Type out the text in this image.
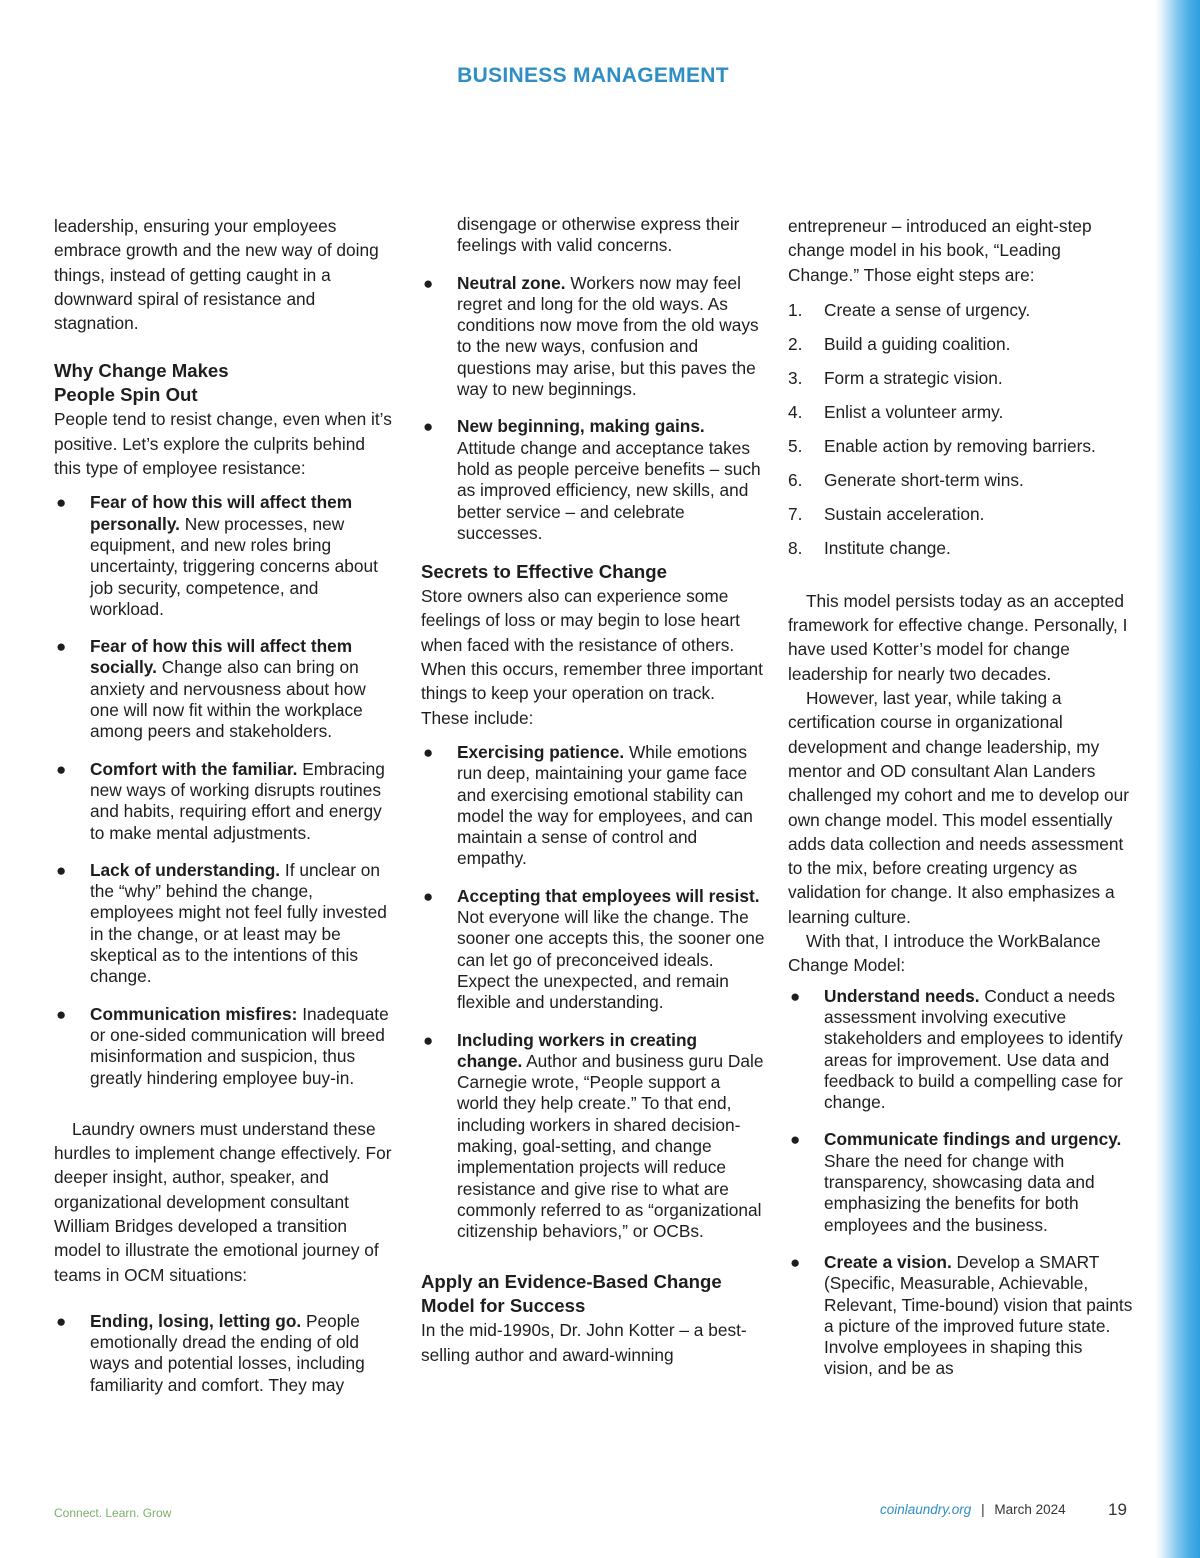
BUSINESS MANAGEMENT

leadership, ensuring your employees embrace growth and the new way of doing things, instead of getting caught in a downward spiral of resistance and stagnation.

Why Change Makes

People Spin Out

People tend to resist change, even when it’s positive. Let’s explore the culprits behind this type of employee resistance:

● Fear of how this will affect them personally. New processes, new equipment, and new roles bring uncertainty, triggering concerns about job security, competence, and workload.
● Fear of how this will affect them socially. Change also can bring on anxiety and nervousness about how one will now fit within the workplace among peers and stakeholders.
● Comfort with the familiar. Embracing new ways of working disrupts routines and habits, requiring effort and energy to make mental adjustments.
● Lack of understanding. If unclear on the “why” behind the change, employees might not feel fully invested in the change, or at least may be skeptical as to the intentions of this change.
● Communication misfires: Inadequate or one-sided communication will breed misinformation and suspicion, thus greatly hindering employee buy-in.

Laundry owners must understand these hurdles to implement change effectively. For deeper insight, author, speaker, and organizational development consultant William Bridges developed a transition model to illustrate the emotional journey of teams in OCM situations:

● Ending, losing, letting go. People emotionally dread the ending of old ways and potential losses, including familiarity and comfort. They may
disengage or otherwise express their feelings with valid concerns.
● Neutral zone. Workers now may feel regret and long for the old ways. As conditions now move from the old ways to the new ways, confusion and questions may arise, but this paves the way to new beginnings.
● New beginning, making gains. Attitude change and acceptance takes hold as people perceive benefits – such as improved efficiency, new skills, and better service – and celebrate successes.

Secrets to Effective Change

Store owners also can experience some feelings of loss or may begin to lose heart when faced with the resistance of others. When this occurs, remember three important things to keep your operation on track. These include:

● Exercising patience. While emotions run deep, maintaining your game face and exercising emotional stability can model the way for employees, and can maintain a sense of control and empathy.
● Accepting that employees will resist. Not everyone will like the change. The sooner one accepts this, the sooner one can let go of preconceived ideals. Expect the unexpected, and remain flexible and understanding.
● Including workers in creating change. Author and business guru Dale Carnegie wrote, “People support a world they help create.” To that end, including workers in shared decision-making, goal-setting, and change implementation projects will reduce resistance and give rise to what are commonly referred to as “organizational citizenship behaviors,” or OCBs.

Apply an Evidence-Based Change

Model for Success

In the mid-1990s, Dr. John Kotter – a best-selling author and award-winning

entrepreneur – introduced an eight-step change model in his book, “Leading Change.” Those eight steps are:

1. Create a sense of urgency.
2. Build a guiding coalition.
3. Form a strategic vision.
4. Enlist a volunteer army.
5. Enable action by removing barriers.
6. Generate short-term wins.
7. Sustain acceleration.
8. Institute change.

This model persists today as an accepted framework for effective change. Personally, I have used Kotter’s model for change leadership for nearly two decades.

However, last year, while taking a certification course in organizational development and change leadership, my mentor and OD consultant Alan Landers challenged my cohort and me to develop our own change model. This model essentially adds data collection and needs assessment to the mix, before creating urgency as validation for change. It also emphasizes a learning culture.

With that, I introduce the WorkBalance Change Model:

● Understand needs. Conduct a needs assessment involving executive stakeholders and employees to identify areas for improvement. Use data and feedback to build a compelling case for change.
● Communicate findings and urgency. Share the need for change with transparency, showcasing data and emphasizing the benefits for both employees and the business.
● Create a vision. Develop a SMART (Specific, Measurable, Achievable, Relevant, Time-bound) vision that paints a picture of the improved future state. Involve employees in shaping this vision, and be as
Connect. Learn. Grow	coinlaundry.org | March 2024 19
